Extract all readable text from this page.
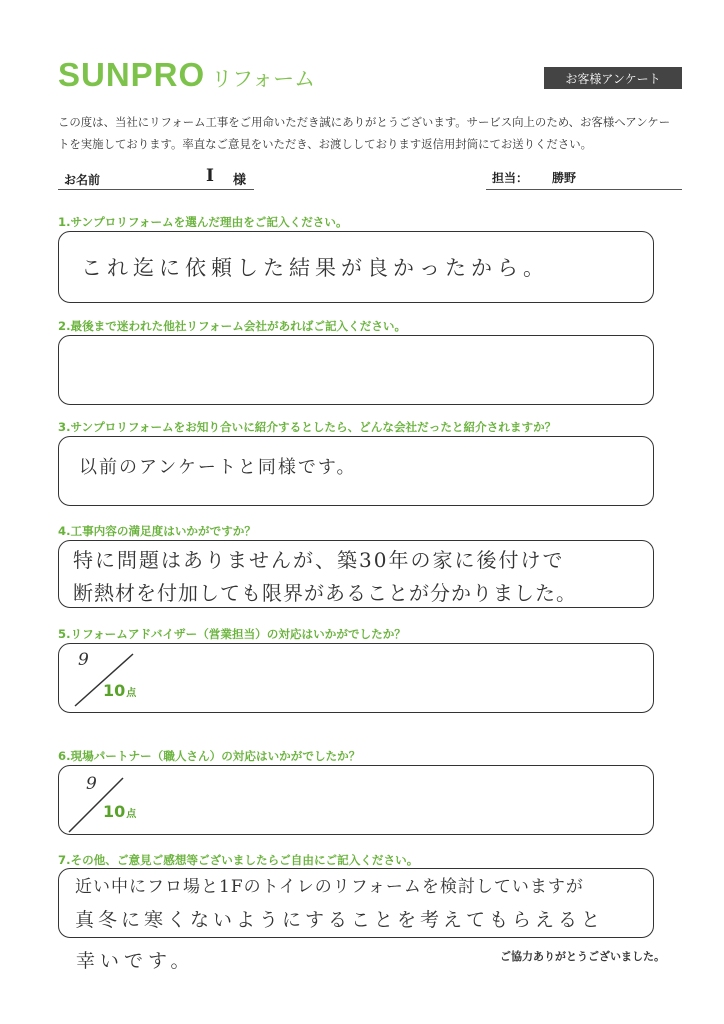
SUNPRO リフォーム	お客様アンケート
この度は、当社にリフォーム工事をご用命いただき誠にありがとうございます。サービス向上のため、お客様へアンケー
トを実施しております。率直なご意見をいただき、お渡ししております返信用封筒にてお送りください。
お名前	I 様	担当： 勝野
1.サンプロリフォームを選んだ理由をご記入ください。
これ迄に依頼した結果が良かったから。
2.最後まで迷われた他社リフォーム会社があればご記入ください。
3.サンプロリフォームをお知り合いに紹介するとしたら、どんな会社だったと紹介されますか？
以前のアンケートと同様です。
4.工事内容の満足度はいかがですか？
特に問題はありませんが、築30年の家に後付けで
断熱材を付加しても限界があることが分かりました。
5.リフォームアドバイザー（営業担当）の対応はいかがでしたか？
9
10点
6.現場パートナー（職人さん）の対応はいかがでしたか？
9
10点
7.その他、ご意見ご感想等ございましたらご自由にご記入ください。
近い中にフロ場と1Fのトイレのリフォームを検討していますが
真冬に寒くないようにすることを考えてもらえると
幸いです。	ご協力ありがとうございました。
